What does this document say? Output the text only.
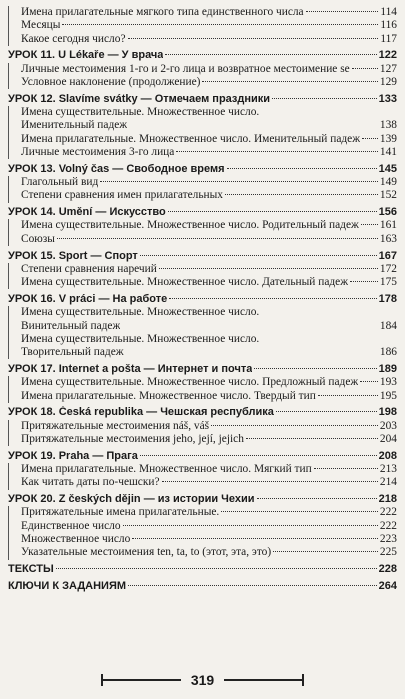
Имена прилагательные мягкого типа единственного числа	114
Месяцы	116
Какое сегодня число?	117
УРОК 11. U Lékaře — У врача	122
Личные местоимения 1-го и 2-го лица и возвратное местоимение se	127
Условное наклонение (продолжение)	129
УРОК 12. Slavíme svátky — Отмечаем праздники	133
Имена существительные. Множественное число.
Именительный падеж	138
Имена прилагательные. Множественное число. Именительный падеж 139
Личные местоимения 3-го лица	141
УРОК 13. Volný čas — Свободное время	145
Глагольный вид	149
Степени сравнения имен прилагательных	152
УРОК 14. Umění — Искусство	156
Имена существительные. Множественное число. Родительный падеж 161
Союзы	163
УРОК 15. Sport — Спорт	167
Степени сравнения наречий	172
Имена существительные. Множественное число. Дательный падеж	175
УРОК 16. V práci — На работе	178
Имена существительные. Множественное число.
Винительный падеж	184
Имена существительные. Множественное число.
Творительный падеж	186
УРОК 17. Internet a pošta — Интернет и почта	189
Имена существительные. Множественное число. Предложный падеж 193
Имена прилагательные. Множественное число. Твердый тип	195
УРОК 18. Česká republika — Чешская республика	198
Притяжательные местоимения náš, váš	203
Притяжательные местоимения jeho, její, jejich	204
УРОК 19. Praha — Прага	208
Имена прилагательные. Множественное число. Мягкий тип	213
Как читать даты по-чешски?	214
УРОК 20. Z českých dějin — из истории Чехии	218
Притяжательные имена прилагательные.	222
Единственное число	222
Множественное число	223
Указательные местоимения ten, ta, to (этот, эта, это)	225
ТЕКСТЫ	228
КЛЮЧИ К ЗАДАНИЯМ	264
319
